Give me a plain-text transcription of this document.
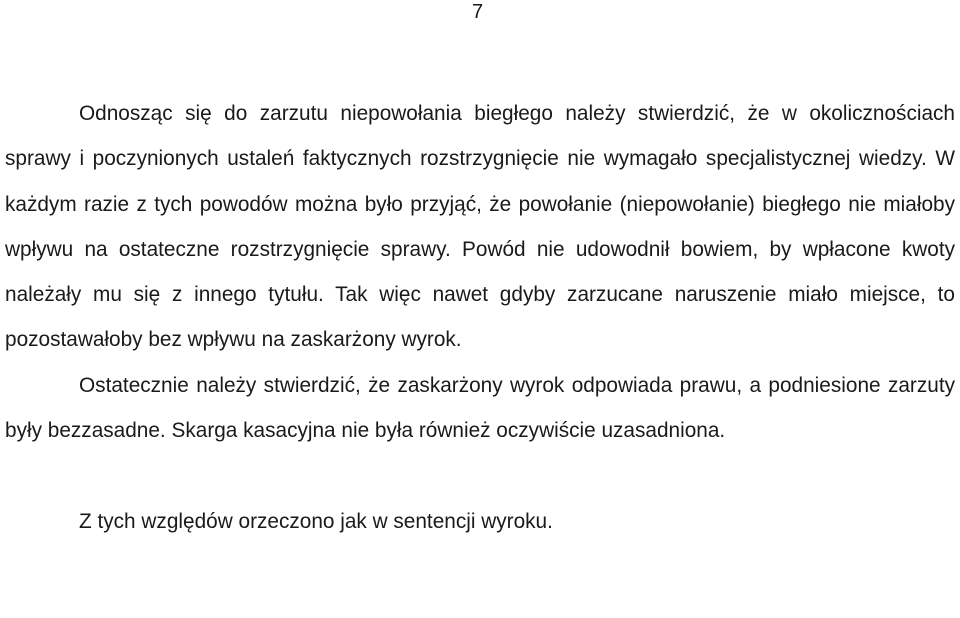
7

Odnosząc się do zarzutu niepowołania biegłego należy stwierdzić, że w okolicznościach sprawy i poczynionych ustaleń faktycznych rozstrzygnięcie nie wymagało specjalistycznej wiedzy. W każdym razie z tych powodów można było przyjąć, że powołanie (niepowołanie) biegłego nie miałoby wpływu na ostateczne rozstrzygnięcie sprawy. Powód nie udowodnił bowiem, by wpłacone kwoty należały mu się z innego tytułu. Tak więc nawet gdyby zarzucane naruszenie miało miejsce, to pozostawałoby bez wpływu na zaskarżony wyrok.

Ostatecznie należy stwierdzić, że zaskarżony wyrok odpowiada prawu, a podniesione zarzuty były bezzasadne. Skarga kasacyjna nie była również oczywiście uzasadniona.

Z tych względów orzeczono jak w sentencji wyroku.
